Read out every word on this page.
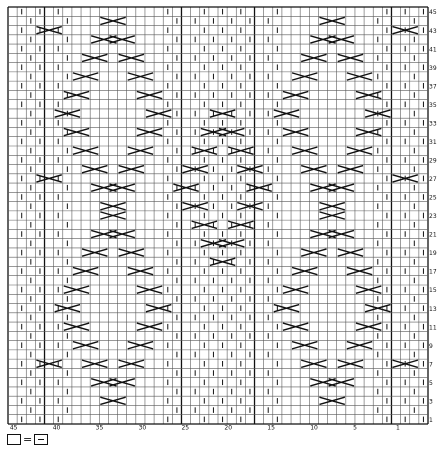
45
43
41
39
37
35
33
31
29
27
25
23
21
19
17
15
13
11
9
7
5
3
1
45	40	35	30	25	20	15	10	5	1
=
